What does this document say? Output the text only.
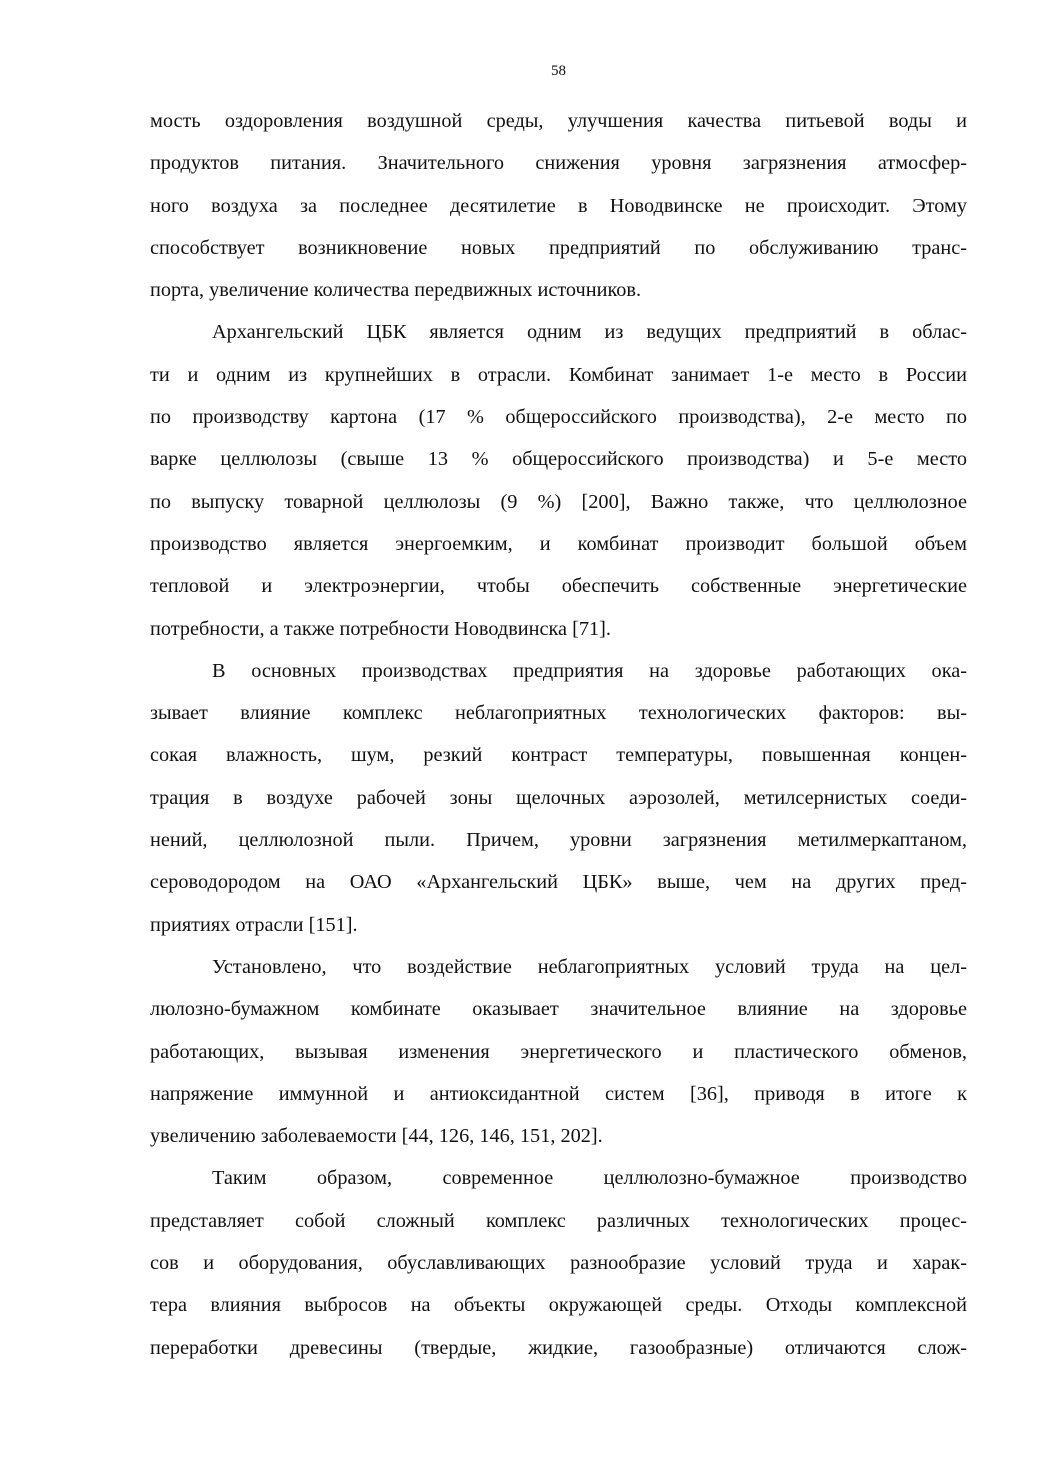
58

мость оздоровления воздушной среды, улучшения качества питьевой воды и
продуктов питания. Значительного снижения уровня загрязнения атмосфер-
ного воздуха за последнее десятилетие в Новодвинске не происходит. Этому
способствует возникновение новых предприятий по обслуживанию транс-
порта, увеличение количества передвижных источников.

Архангельский ЦБК является одним из ведущих предприятий в облас-
ти и одним из крупнейших в отрасли. Комбинат занимает 1-е место в России
по производству картона (17 % общероссийского производства), 2-е место по
варке целлюлозы (свыше 13 % общероссийского производства) и 5-е место
по выпуску товарной целлюлозы (9 %) [200], Важно также, что целлюлозное
производство является энергоемким, и комбинат производит большой объем
тепловой и электроэнергии, чтобы обеспечить собственные энергетические
потребности, а также потребности Новодвинска [71].

В основных производствах предприятия на здоровье работающих ока-
зывает влияние комплекс неблагоприятных технологических факторов: вы-
сокая влажность, шум, резкий контраст температуры, повышенная концен-
трация в воздухе рабочей зоны щелочных аэрозолей, метилсернистых соеди-
нений, целлюлозной пыли. Причем, уровни загрязнения метилмеркаптаном,
сероводородом на ОАО «Архангельский ЦБК» выше, чем на других пред-
приятиях отрасли [151].

Установлено, что воздействие неблагоприятных условий труда на цел-
люлозно-бумажном комбинате оказывает значительное влияние на здоровье
работающих, вызывая изменения энергетического и пластического обменов,
напряжение иммунной и антиоксидантной систем [36], приводя в итоге к
увеличению заболеваемости [44, 126, 146, 151, 202].

Таким образом, современное целлюлозно-бумажное производство
представляет собой сложный комплекс различных технологических процес-
сов и оборудования, обуславливающих разнообразие условий труда и харак-
тера влияния выбросов на объекты окружающей среды. Отходы комплексной
переработки древесины (твердые, жидкие, газообразные) отличаются слож-
